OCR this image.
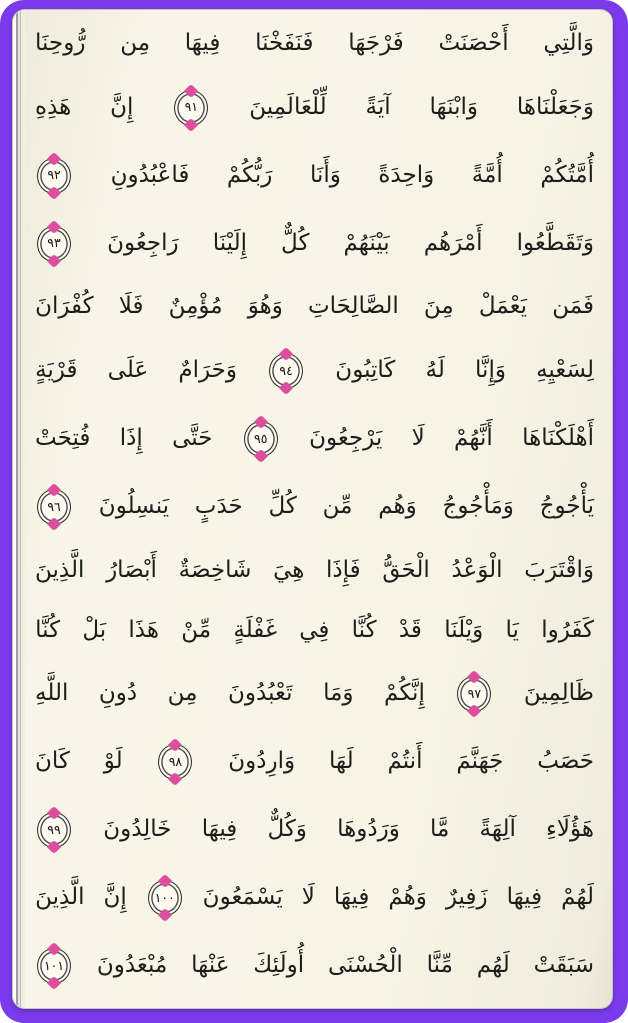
وَالَّتِي
أَحْصَنَتْ
فَرْجَهَا
فَنَفَخْنَا
فِيهَا
مِن
رُّوحِنَا
وَجَعَلْنَاهَا
وَابْنَهَا
آيَةً
لِّلْعَالَمِينَ
٩١
إِنَّ
هَذِهِ
أُمَّتُكُمْ
أُمَّةً
وَاحِدَةً
وَأَنَا
رَبُّكُمْ
فَاعْبُدُونِ
٩٢
وَتَقَطَّعُوا
أَمْرَهُم
بَيْنَهُمْ
كُلٌّ
إِلَيْنَا
رَاجِعُونَ
٩٣
فَمَن
يَعْمَلْ
مِنَ
الصَّالِحَاتِ
وَهُوَ
مُؤْمِنٌ
فَلَا
كُفْرَانَ
لِسَعْيِهِ
وَإِنَّا
لَهُ
كَاتِبُونَ
٩٤
وَحَرَامٌ
عَلَى
قَرْيَةٍ
أَهْلَكْنَاهَا
أَنَّهُمْ
لَا
يَرْجِعُونَ
٩٥
حَتَّى
إِذَا
فُتِحَتْ
يَأْجُوجُ
وَمَأْجُوجُ
وَهُم
مِّن
كُلِّ
حَدَبٍ
يَنسِلُونَ
٩٦
وَاقْتَرَبَ
الْوَعْدُ
الْحَقُّ
فَإِذَا
هِيَ
شَاخِصَةٌ
أَبْصَارُ
الَّذِينَ
كَفَرُوا
يَا
وَيْلَنَا
قَدْ
كُنَّا
فِي
غَفْلَةٍ
مِّنْ
هَذَا
بَلْ
كُنَّا
ظَالِمِينَ
٩٧
إِنَّكُمْ
وَمَا
تَعْبُدُونَ
مِن
دُونِ
اللَّهِ
حَصَبُ
جَهَنَّمَ
أَنتُمْ
لَهَا
وَارِدُونَ
٩٨
لَوْ
كَانَ
هَؤُلَاءِ
آلِهَةً
مَّا
وَرَدُوهَا
وَكُلٌّ
فِيهَا
خَالِدُونَ
٩٩
لَهُمْ
فِيهَا
زَفِيرٌ
وَهُمْ
فِيهَا
لَا
يَسْمَعُونَ
١٠٠
إِنَّ
الَّذِينَ
سَبَقَتْ
لَهُم
مِّنَّا
الْحُسْنَى
أُولَئِكَ
عَنْهَا
مُبْعَدُونَ
١٠١
